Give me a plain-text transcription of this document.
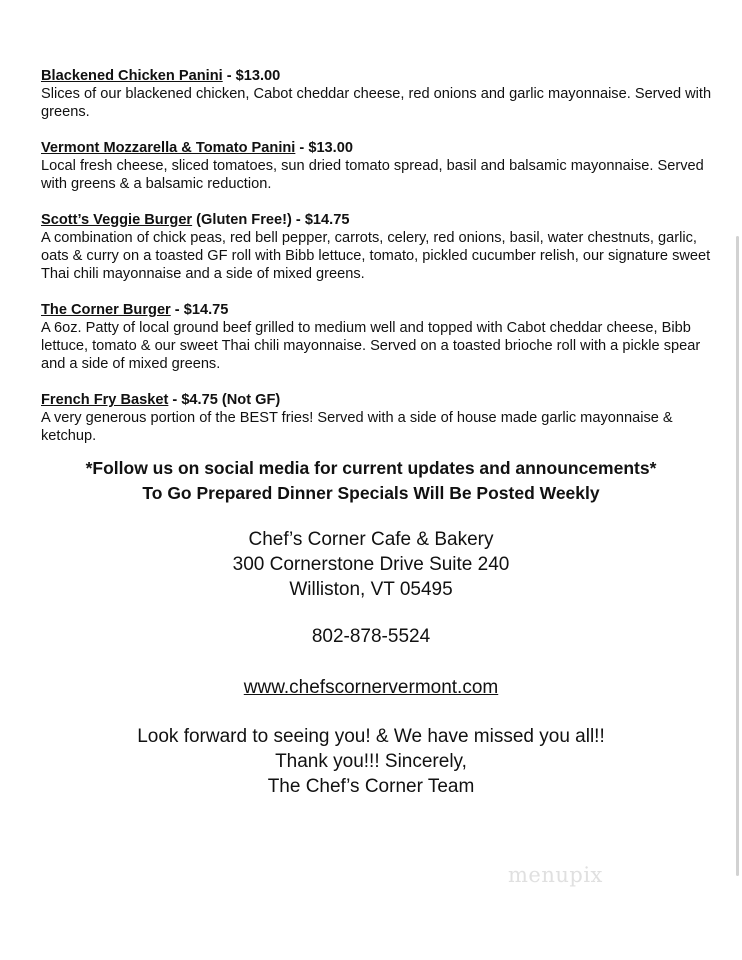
Blackened Chicken Panini - $13.00
Slices of our blackened chicken, Cabot cheddar cheese, red onions and garlic mayonnaise. Served with greens.
Vermont Mozzarella & Tomato Panini - $13.00
Local fresh cheese, sliced tomatoes, sun dried tomato spread, basil and balsamic mayonnaise. Served with greens & a balsamic reduction.
Scott’s Veggie Burger (Gluten Free!) - $14.75
A combination of chick peas, red bell pepper, carrots, celery, red onions, basil, water chestnuts, garlic, oats & curry on a toasted GF roll with Bibb lettuce, tomato, pickled cucumber relish, our signature sweet Thai chili mayonnaise and a side of mixed greens.
The Corner Burger - $14.75
A 6oz. Patty of local ground beef grilled to medium well and topped with Cabot cheddar cheese, Bibb lettuce, tomato & our sweet Thai chili mayonnaise. Served on a toasted brioche roll with a pickle spear and a side of mixed greens.
French Fry Basket - $4.75 (Not GF)
A very generous portion of the BEST fries! Served with a side of house made garlic mayonnaise & ketchup.
*Follow us on social media for current updates and announcements*
To Go Prepared Dinner Specials Will Be Posted Weekly
Chef’s Corner Cafe & Bakery
300 Cornerstone Drive Suite 240
Williston, VT 05495
802-878-5524
www.chefscornervermont.com
Look forward to seeing you! & We have missed you all!!
Thank you!!! Sincerely,
The Chef’s Corner Team
menupix
